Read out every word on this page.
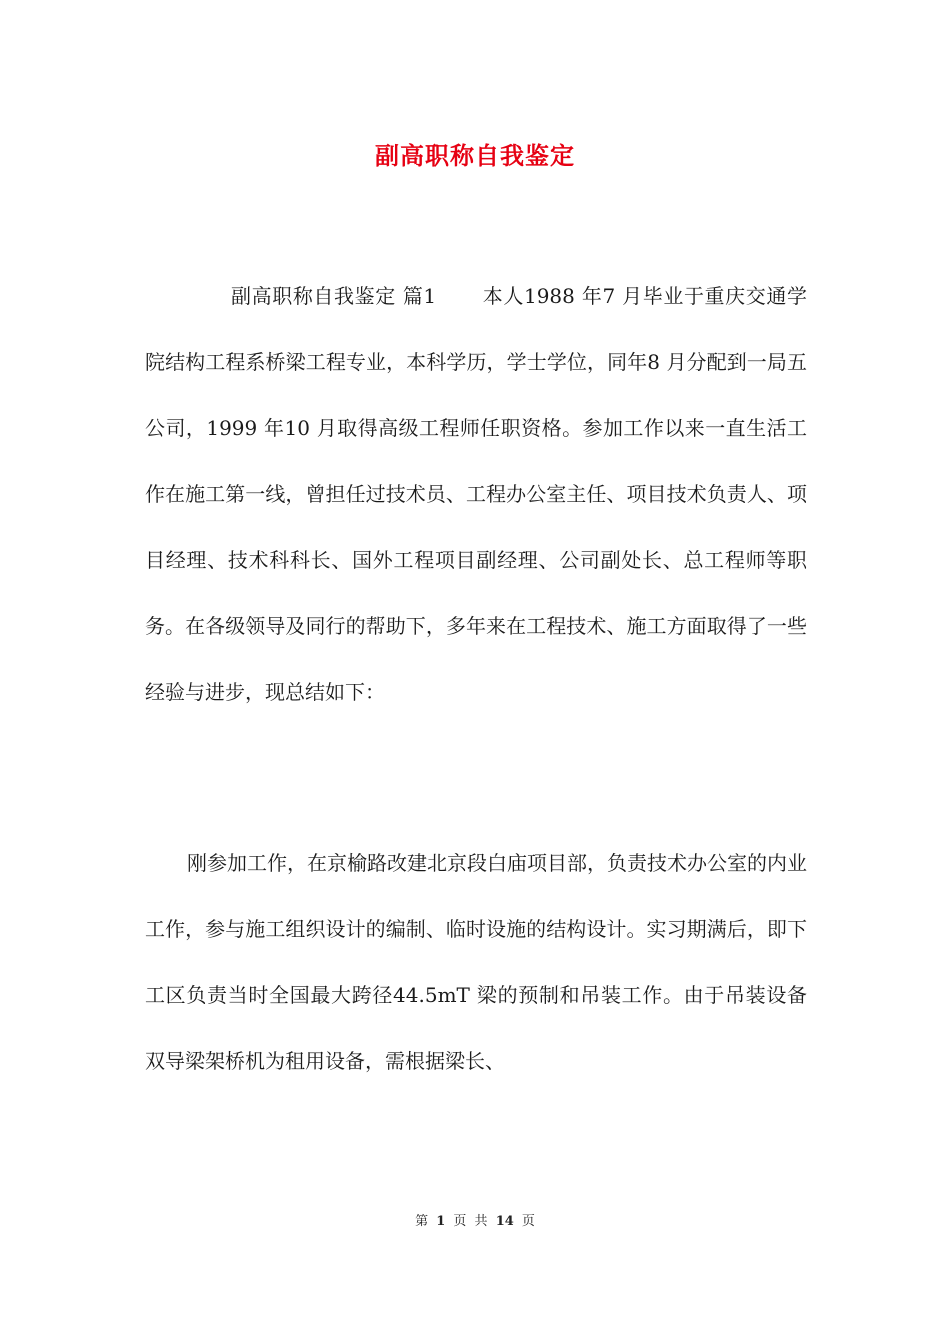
副高职称自我鉴定
副高职称自我鉴定 篇1 本人1988 年7 月毕业于重庆交通学院结构工程系桥梁工程专业，本科学历，学士学位，同年8 月分配到一局五公司，1999 年10 月取得高级工程师任职资格。参加工作以来一直生活工作在施工第一线，曾担任过技术员、工程办公室主任、项目技术负责人、项目经理、技术科科长、国外工程项目副经理、公司副处长、总工程师等职务。在各级领导及同行的帮助下，多年来在工程技术、施工方面取得了一些经验与进步，现总结如下：
刚参加工作，在京榆路改建北京段白庙项目部，负责技术办公室的内业工作，参与施工组织设计的编制、临时设施的结构设计。实习期满后，即下工区负责当时全国最大跨径44.5mT 梁的预制和吊装工作。由于吊装设备双导梁架桥机为租用设备，需根据梁长、
第 1 页 共 14 页
